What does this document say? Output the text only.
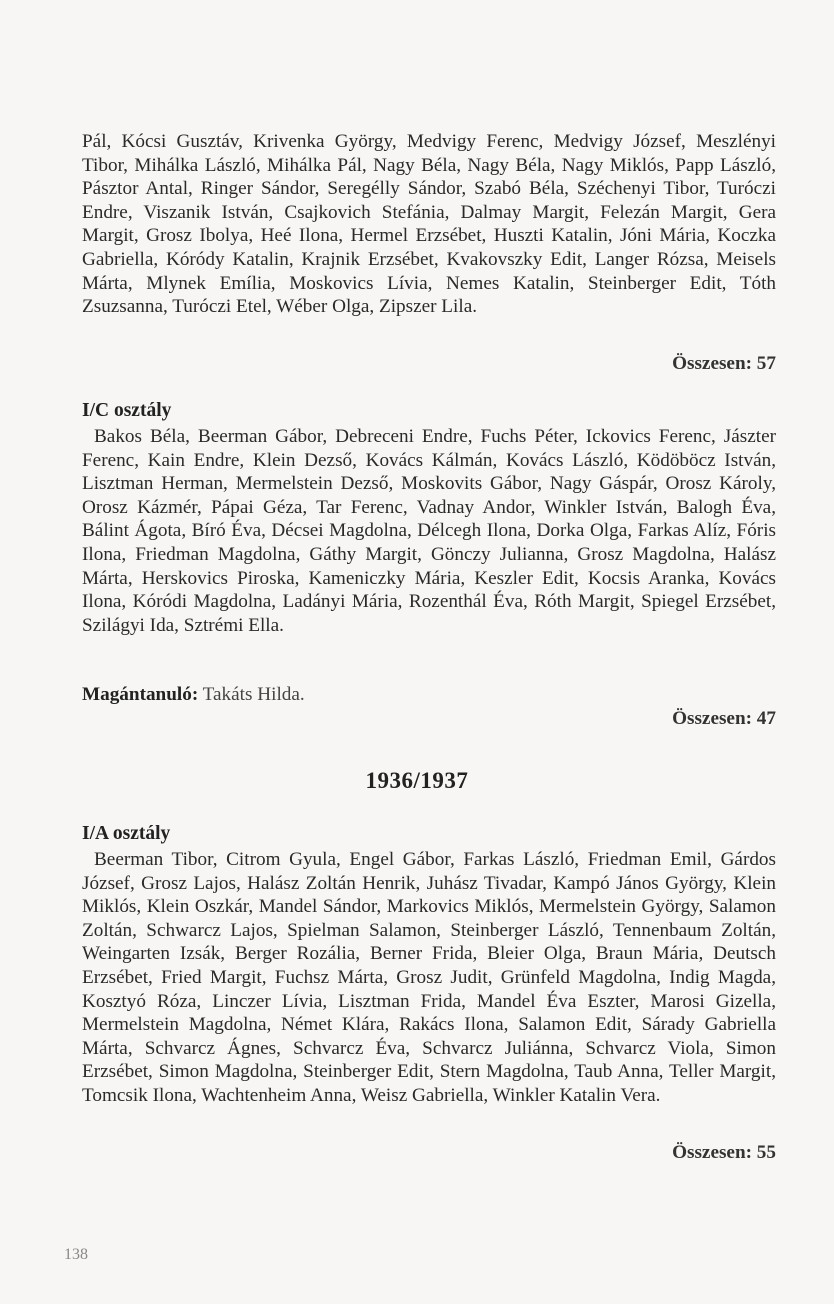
Pál, Kócsi Gusztáv, Krivenka György, Medvigy Ferenc, Medvigy József, Meszlényi Tibor, Mihálka László, Mihálka Pál, Nagy Béla, Nagy Béla, Nagy Miklós, Papp László, Pásztor Antal, Ringer Sándor, Seregélly Sándor, Szabó Béla, Széchenyi Tibor, Turóczi Endre, Viszanik István, Csajkovich Stefánia, Dalmay Margit, Felezán Margit, Gera Margit, Grosz Ibolya, Heé Ilona, Hermel Erzsébet, Huszti Katalin, Jóni Mária, Koczka Gabriella, Kóródy Katalin, Krajnik Erzsébet, Kvakovszky Edit, Langer Rózsa, Meisels Márta, Mlynek Emília, Moskovics Lívia, Nemes Katalin, Steinberger Edit, Tóth Zsuzsanna, Turóczi Etel, Wéber Olga, Zipszer Lila.

Összesen: 57
I/C osztály

Bakos Béla, Beerman Gábor, Debreceni Endre, Fuchs Péter, Ickovics Ferenc, Jászter Ferenc, Kain Endre, Klein Dezső, Kovács Kálmán, Kovács László, Ködöböcz István, Lisztman Herman, Mermelstein Dezső, Moskovits Gábor, Nagy Gáspár, Orosz Károly, Orosz Kázmér, Pápai Géza, Tar Ferenc, Vadnay Andor, Winkler István, Balogh Éva, Bálint Ágota, Bíró Éva, Décsei Magdolna, Délcegh Ilona, Dorka Olga, Farkas Alíz, Fóris Ilona, Friedman Magdolna, Gáthy Margit, Gönczy Julianna, Grosz Magdolna, Halász Márta, Herskovics Piroska, Kameniczky Mária, Keszler Edit, Kocsis Aranka, Kovács Ilona, Kóródi Magdolna, Ladányi Mária, Rozenthál Éva, Róth Margit, Spiegel Erzsébet, Szilágyi Ida, Sztrémi Ella.

Magántanuló: Takáts Hilda.
Összesen: 47
1936/1937
I/A osztály

Beerman Tibor, Citrom Gyula, Engel Gábor, Farkas László, Friedman Emil, Gárdos József, Grosz Lajos, Halász Zoltán Henrik, Juhász Tivadar, Kampó János György, Klein Miklós, Klein Oszkár, Mandel Sándor, Markovics Miklós, Mermelstein György, Salamon Zoltán, Schwarcz Lajos, Spielman Salamon, Steinberger László, Tennenbaum Zoltán, Weingarten Izsák, Berger Rozália, Berner Frida, Bleier Olga, Braun Mária, Deutsch Erzsébet, Fried Margit, Fuchsz Márta, Grosz Judit, Grünfeld Magdolna, Indig Magda, Kosztyó Róza, Linczer Lívia, Lisztman Frida, Mandel Éva Eszter, Marosi Gizella, Mermelstein Magdolna, Német Klára, Rakács Ilona, Salamon Edit, Sárady Gabriella Márta, Schvarcz Ágnes, Schvarcz Éva, Schvarcz Juliánna, Schvarcz Viola, Simon Erzsébet, Simon Magdolna, Steinberger Edit, Stern Magdolna, Taub Anna, Teller Margit, Tomcsik Ilona, Wachtenheim Anna, Weisz Gabriella, Winkler Katalin Vera.

Összesen: 55
138
